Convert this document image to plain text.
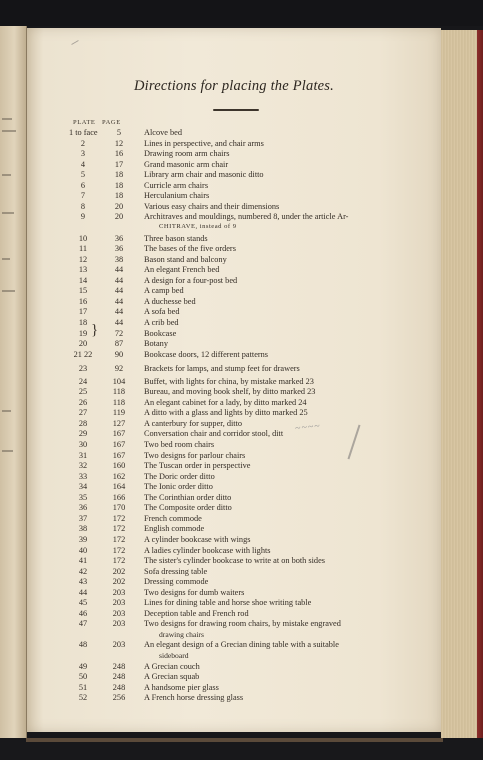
Directions for placing the Plates.
PLATE PAGE
}
1 to face	5	Alcove bed
2	12	Lines in perspective, and chair arms
3	16	Drawing room arm chairs
4	17	Grand masonic arm chair
5	18	Library arm chair and masonic ditto
6	18	Curricle arm chairs
7	18	Herculanium chairs
8	20	Various easy chairs and their dimensions
9	20	Architraves and mouldings, numbered 8, under the article Ar-
CHITRAVE, instead of 9
10	36	Three bason stands
11	36	The bases of the five orders
12	38	Bason stand and balcony
13	44	An elegant French bed
14	44	A design for a four-post bed
15	44	A camp bed
16	44	A duchesse bed
17	44	A sofa bed
18	44	A crib bed
19	72	Bookcase
20	87	Botany
21 22	90	Bookcase doors, 12 different patterns
23	92	Brackets for lamps, and stump feet for drawers
24	104	Buffet, with lights for china, by mistake marked 23
25	118	Bureau, and moving book shelf, by ditto marked 23
26	118	An elegant cabinet for a lady, by ditto marked 24
27	119	A ditto with a glass and lights by ditto marked 25
28	127	A canterbury for supper, ditto
29	167	Conversation chair and corridor stool, ditt
30	167	Two bed room chairs
31	167	Two designs for parlour chairs
32	160	The Tuscan order in perspective
33	162	The Doric order ditto
34	164	The Ionic order ditto
35	166	The Corinthian order ditto
36	170	The Composite order ditto
37	172	French commode
38	172	English commode
39	172	A cylinder bookcase with wings
40	172	A ladies cylinder bookcase with lights
41	172	The sister's cylinder bookcase to write at on both sides
42	202	Sofa dressing table
43	202	Dressing commode
44	203	Two designs for dumb waiters
45	203	Lines for dining table and horse shoe writing table
46	203	Deception table and French rod
47	203	Two designs for drawing room chairs, by mistake engraved
drawing chairs
48	203	An elegant design of a Grecian dining table with a suitable
sideboard
49	248	A Grecian couch
50	248	A Grecian squab
51	248	A handsome pier glass
52	256	A French horse dressing glass
~~~~
